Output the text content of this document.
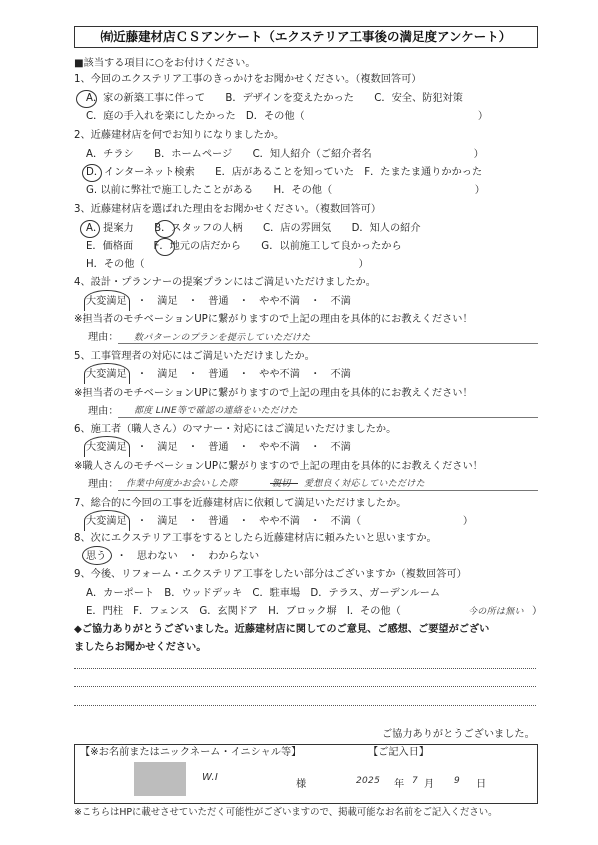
㈲近藤建材店ＣＳアンケート（エクステリア工事後の満足度アンケート）
■該当する項目に○をお付けください。
1、今回のエクステリア工事のきっかけをお聞かせください。（複数回答可）
A．家の新築工事に伴って　　B．デザインを変えたかった　　C．安全、防犯対策
C．庭の手入れを楽にしたかった　D．その他（　　　　　　　　　　　　　　　　　）
2、近藤建材店を何でお知りになりましたか。
A．チラシ　　B．ホームページ　　C．知人紹介（ご紹介者名　　　　　　　　　　）
D．インターネット検索　　E．店があることを知っていた　F．たまたま通りかかった
G. 以前に弊社で施工したことがある　　H．その他（　　　　　　　　　　　　　　）
3、近藤建材店を選ばれた理由をお聞かせください。（複数回答可）
A．提案力　　B．スタッフの人柄　　C．店の雰囲気　　D．知人の紹介
E．価格面　　F．地元の店だから　　G．以前施工して良かったから
H．その他（　　　　　　　　　　　　　　　　　　　　　）
4、設計・プランナーの提案プランにはご満足いただけましたか。
大変満足　・　満足　・　普通　・　やや不満　・　不満
※担当者のモチベーションUPに繋がりますので上記の理由を具体的にお教えください！
理由： 数パターンのプランを提示していただけた
5、工事管理者の対応にはご満足いただけましたか。
大変満足　・　満足　・　普通　・　やや不満　・　不満
※担当者のモチベーションUPに繋がりますので上記の理由を具体的にお教えください！
理由： 都度 LINE等で確認の連絡をいただけた
6、施工者（職人さん）のマナー・対応にはご満足いただけましたか。
大変満足　・　満足　・　普通　・　やや不満　・　不満
※職人さんのモチベーションUPに繋がりますので上記の理由を具体的にお教えください！
理由： 作業中何度かお会いした際	親切 愛想良く対応していただけた
7、総合的に今回の工事を近藤建材店に依頼して満足いただけましたか。
大変満足　・　満足　・　普通　・　やや不満　・　不満（　　　　　　　　　　）
8、次にエクステリア工事をするとしたら近藤建材店に頼みたいと思いますか。
思う　・　思わない　・　わからない
9、今後、リフォーム・エクステリア工事をしたい部分はございますか（複数回答可）
A．カーポート　B．ウッドデッキ　C．駐車場　D．テラス、ガーデンルーム
E．門柱　F．フェンス　G．玄関ドア　H．ブロック塀　I．その他（	今の所は無い ）
◆ご協力ありがとうございました。近藤建材店に関してのご意見、ご感想、ご要望がござい
ましたらお聞かせください。
ご協力ありがとうございました。
【※お名前またはニックネーム・イニシャル等】	【ご記入日】
W.I
様	2025 年 7 月 9 日
※こちらはHPに載せさせていただく可能性がございますので、掲載可能なお名前をご記入ください。
